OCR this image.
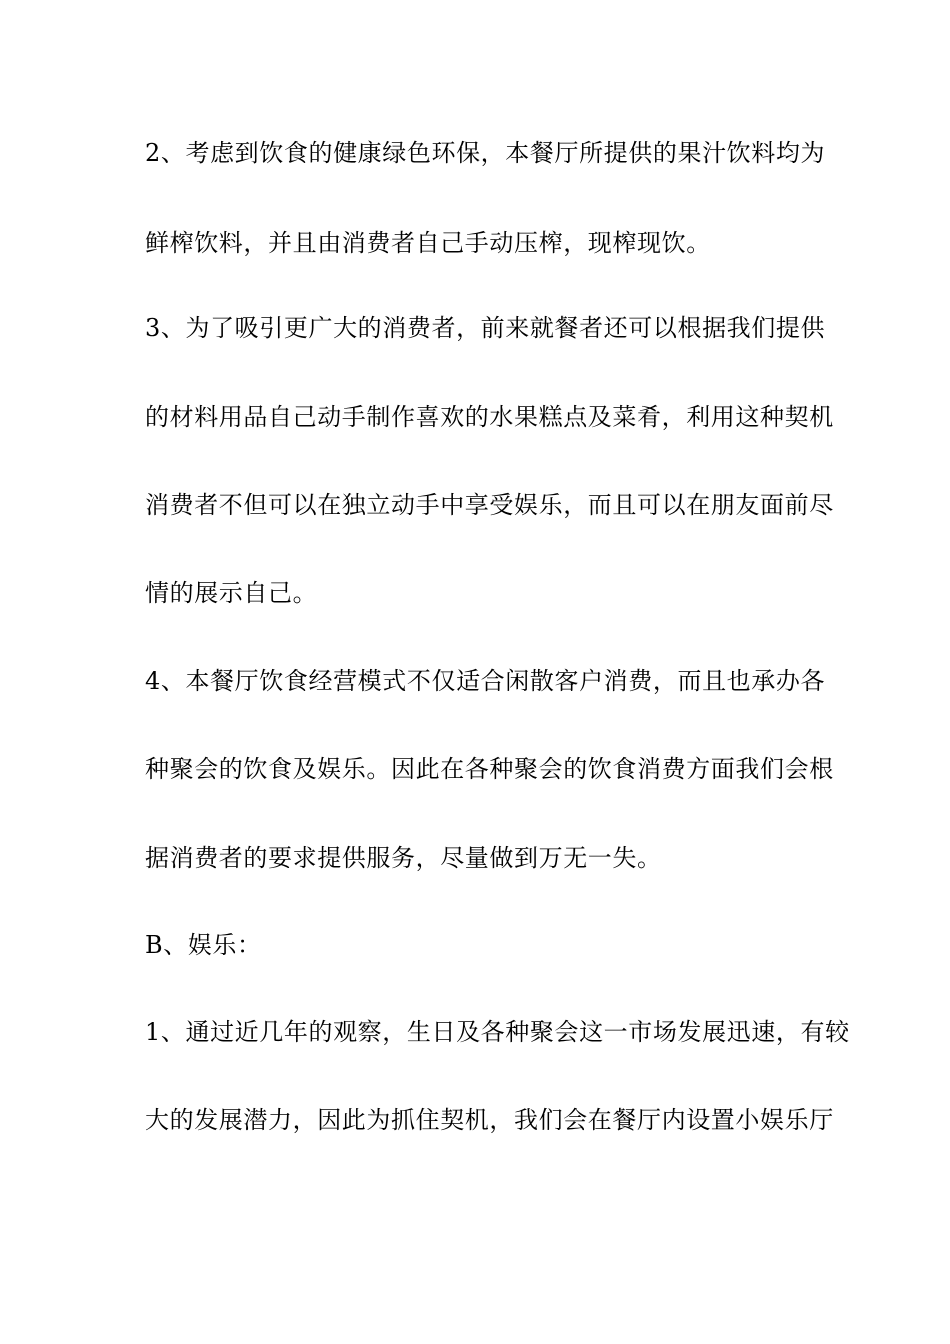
2、考虑到饮食的健康绿色环保，本餐厅所提供的果汁饮料均为
鲜榨饮料，并且由消费者自己手动压榨，现榨现饮。
3、为了吸引更广大的消费者，前来就餐者还可以根据我们提供
的材料用品自己动手制作喜欢的水果糕点及菜肴，利用这种契机
消费者不但可以在独立动手中享受娱乐，而且可以在朋友面前尽
情的展示自己。
4、本餐厅饮食经营模式不仅适合闲散客户消费，而且也承办各
种聚会的饮食及娱乐。因此在各种聚会的饮食消费方面我们会根
据消费者的要求提供服务，尽量做到万无一失。
B、娱乐：
1、通过近几年的观察，生日及各种聚会这一市场发展迅速，有较
大的发展潜力，因此为抓住契机，我们会在餐厅内设置小娱乐厅
